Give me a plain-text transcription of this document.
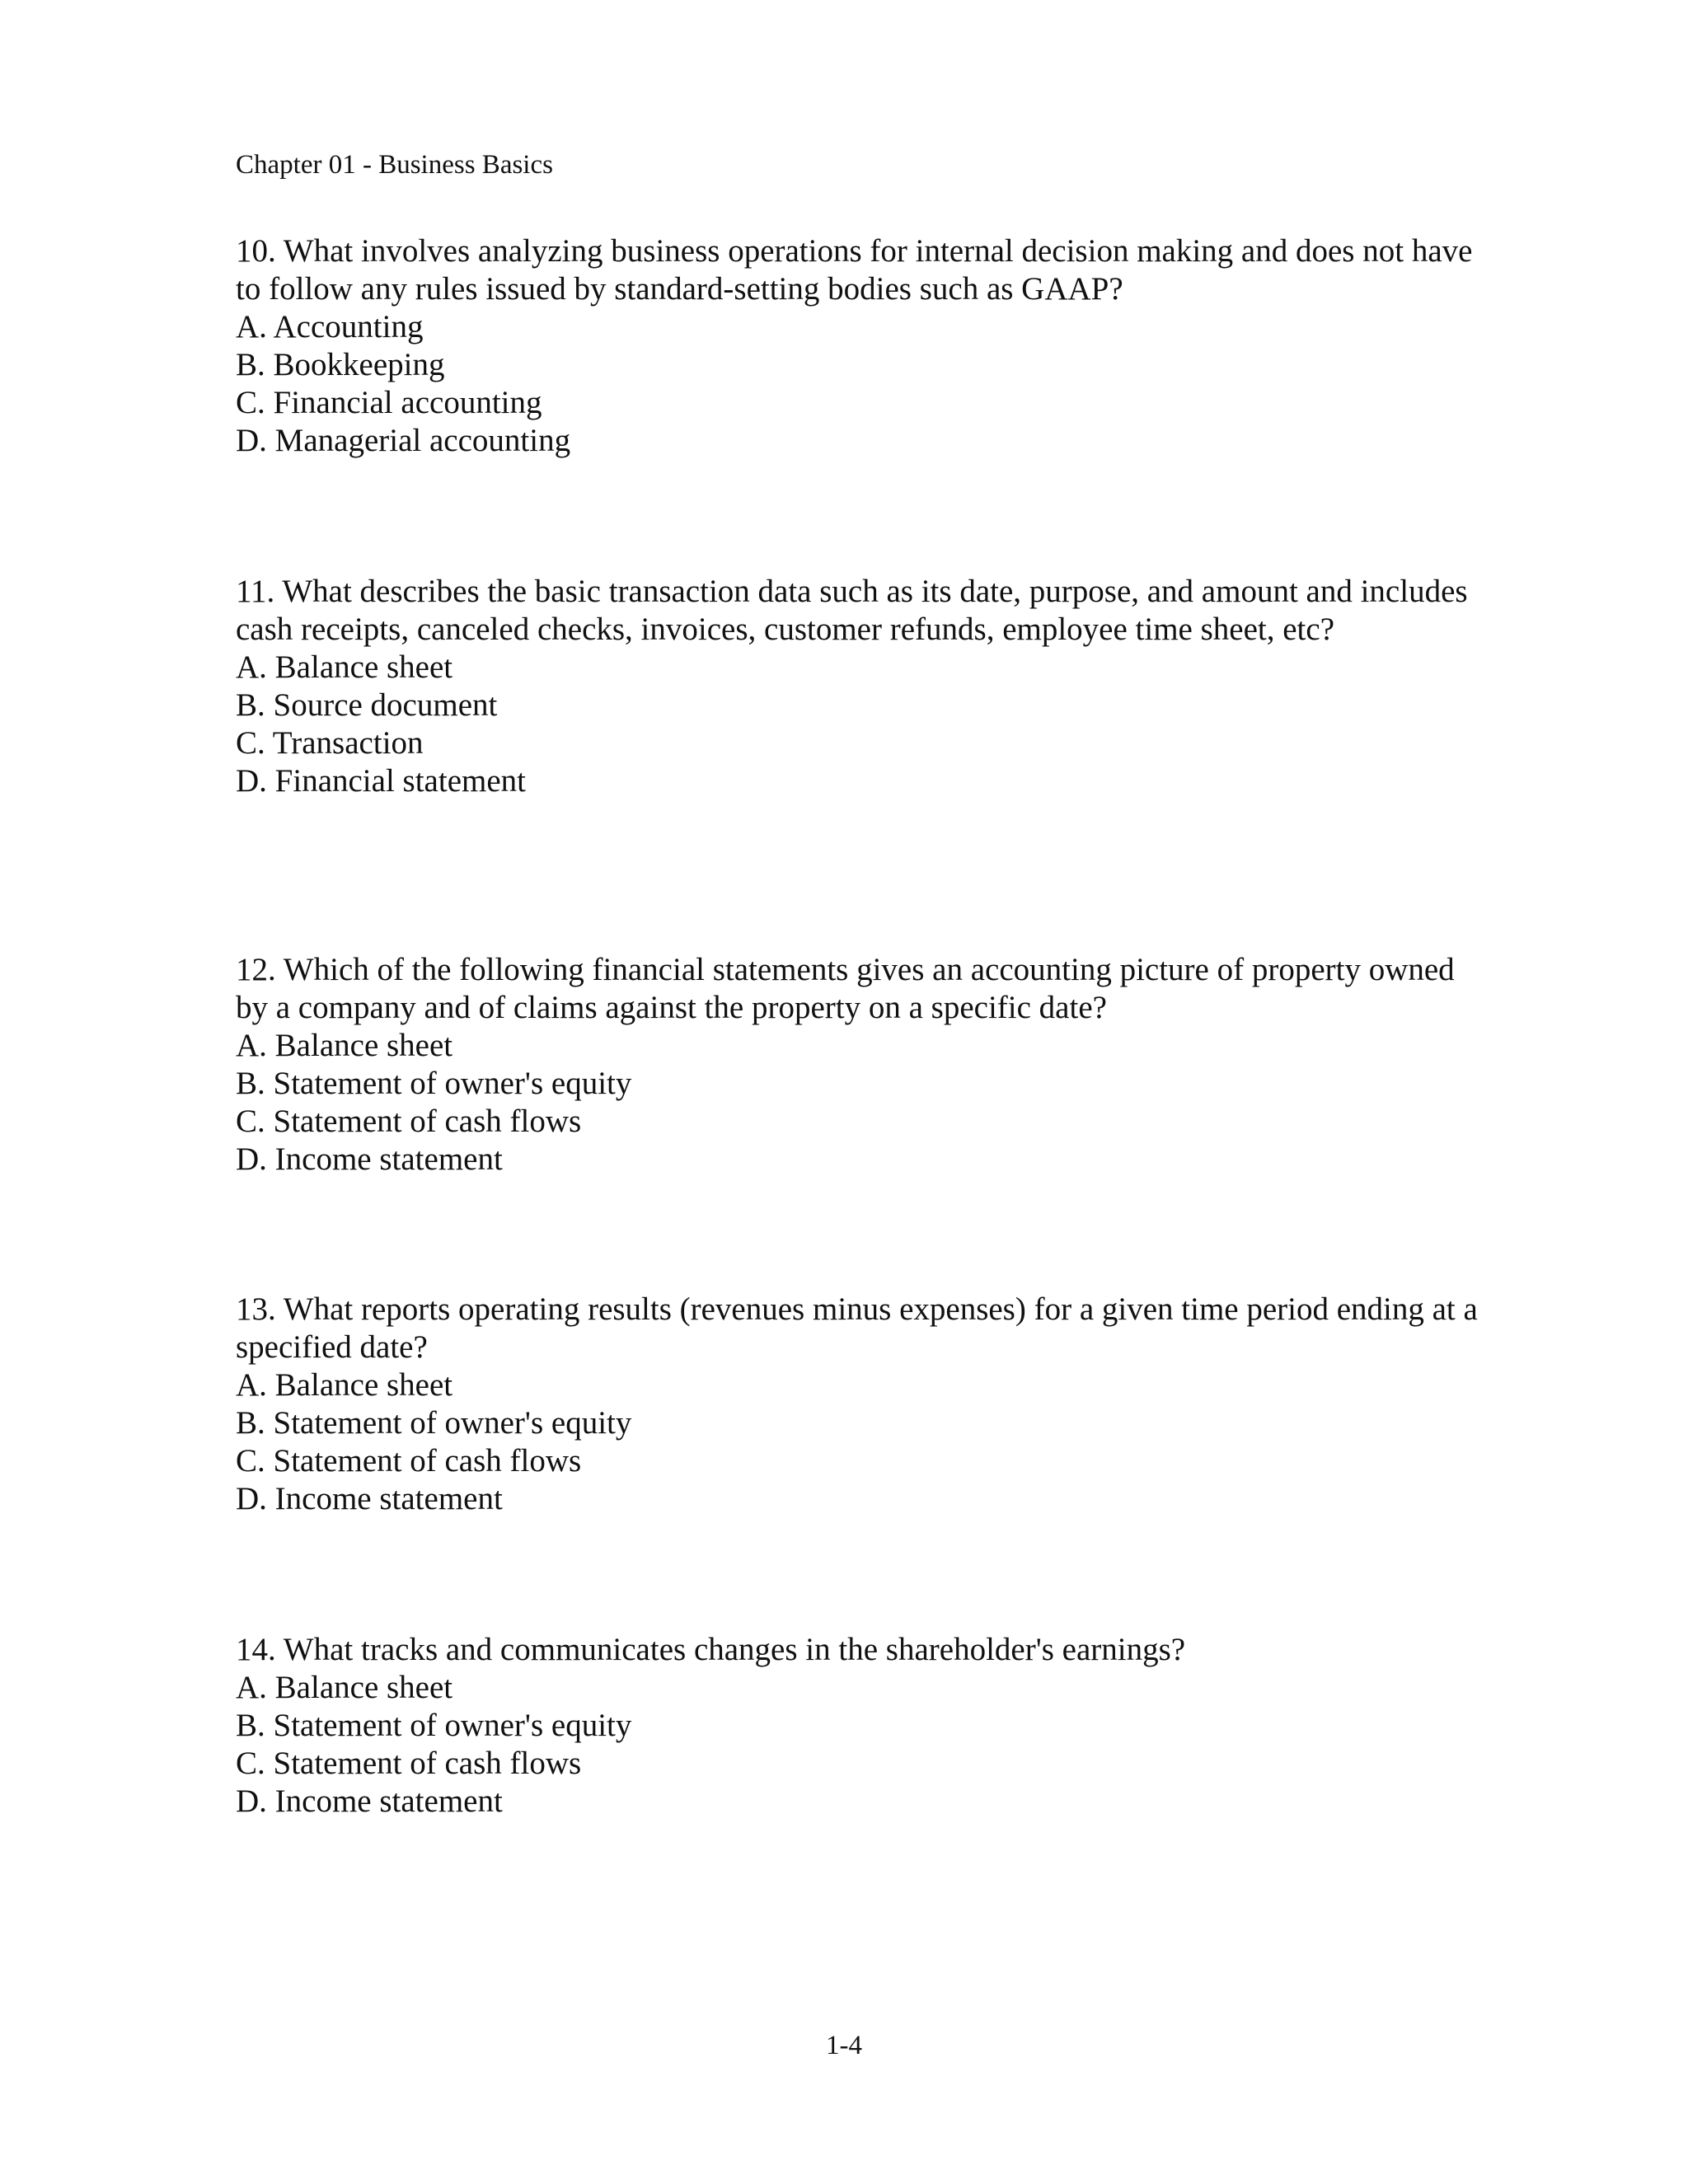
Chapter 01 - Business Basics

10. What involves analyzing business operations for internal decision making and does not have to follow any rules issued by standard-setting bodies such as GAAP?

A. Accounting
B. Bookkeeping
C. Financial accounting
D. Managerial accounting

11. What describes the basic transaction data such as its date, purpose, and amount and includes cash receipts, canceled checks, invoices, customer refunds, employee time sheet, etc?

A. Balance sheet
B. Source document
C. Transaction
D. Financial statement

12. Which of the following financial statements gives an accounting picture of property owned by a company and of claims against the property on a specific date?

A. Balance sheet
B. Statement of owner's equity
C. Statement of cash flows
D. Income statement

13. What reports operating results (revenues minus expenses) for a given time period ending at a specified date?

A. Balance sheet
B. Statement of owner's equity
C. Statement of cash flows
D. Income statement

14. What tracks and communicates changes in the shareholder's earnings?

A. Balance sheet
B. Statement of owner's equity
C. Statement of cash flows
D. Income statement
1-4
